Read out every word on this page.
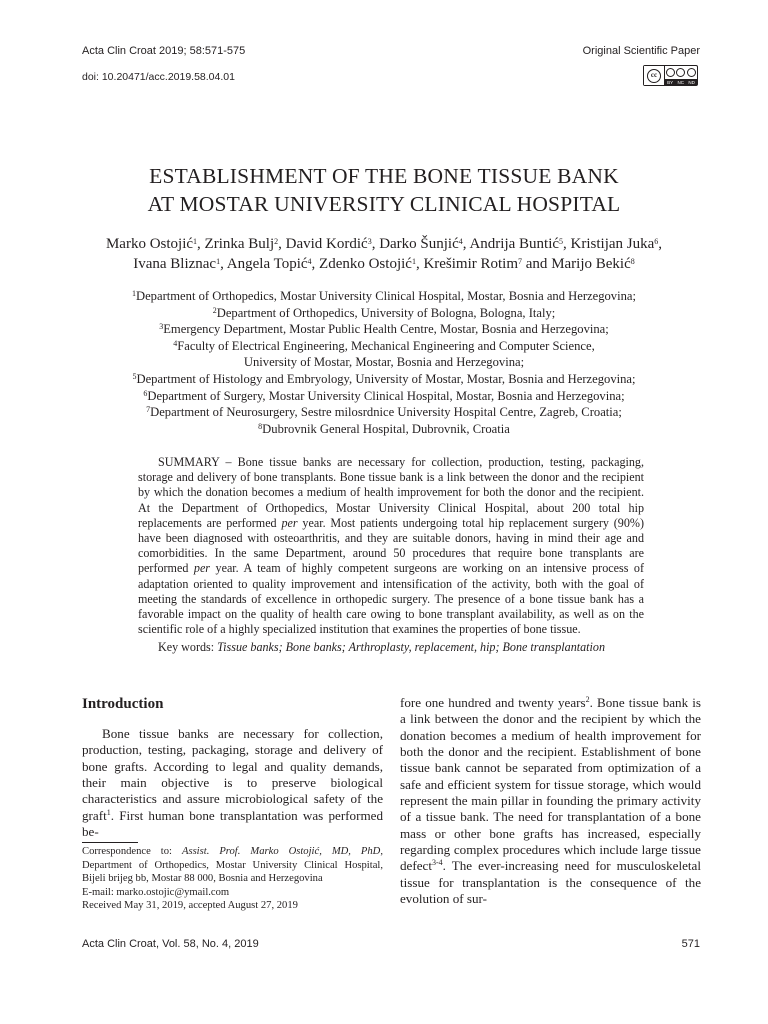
Acta Clin Croat 2019; 58:571-575
doi: 10.20471/acc.2019.58.04.01
Original Scientific Paper
cc
BY NC ND
ESTABLISHMENT OF THE BONE TISSUE BANK
AT MOSTAR UNIVERSITY CLINICAL HOSPITAL
Marko Ostojić$^1$, Zrinka Bulj$^2$, David Kordić$^3$, Darko Šunjić$^4$, Andrija Buntić$^5$, Kristijan Juka$^6$,
Ivana Bliznac$^1$, Angela Topić$^4$, Zdenko Ostojić$^1$, Krešimir Rotim$^7$ and Marijo Bekić$^8$
$^1$Department of Orthopedics, Mostar University Clinical Hospital, Mostar, Bosnia and Herzegovina;
$^2$Department of Orthopedics, University of Bologna, Bologna, Italy;
$^3$Emergency Department, Mostar Public Health Centre, Mostar, Bosnia and Herzegovina;
$^4$Faculty of Electrical Engineering, Mechanical Engineering and Computer Science,
University of Mostar, Mostar, Bosnia and Herzegovina;
$^5$Department of Histology and Embryology, University of Mostar, Mostar, Bosnia and Herzegovina;
$^6$Department of Surgery, Mostar University Clinical Hospital, Mostar, Bosnia and Herzegovina;
$^7$Department of Neurosurgery, Sestre milosrdnice University Hospital Centre, Zagreb, Croatia;
$^8$Dubrovnik General Hospital, Dubrovnik, Croatia
SUMMARY – Bone tissue banks are necessary for collection, production, testing, packaging, storage and delivery of bone transplants. Bone tissue bank is a link between the donor and the recipient by which the donation becomes a medium of health improvement for both the donor and the recipient. At the Department of Orthopedics, Mostar University Clinical Hospital, about 200 total hip replacements are performed per year. Most patients undergoing total hip replacement surgery (90%) have been diagnosed with osteoarthritis, and they are suitable donors, having in mind their age and comorbidities. In the same Department, around 50 procedures that require bone transplants are performed per year. A team of highly competent surgeons are working on an intensive process of adaptation oriented to quality improvement and intensification of the activity, both with the goal of meeting the standards of excellence in orthopedic surgery. The presence of a bone tissue bank has a favorable impact on the quality of health care owing to bone transplant availability, as well as on the scientific role of a highly specialized institution that examines the properties of bone tissue.
Key words: Tissue banks; Bone banks; Arthroplasty, replacement, hip; Bone transplantation
Introduction
Bone tissue banks are necessary for collection, production, testing, packaging, storage and delivery of bone grafts. According to legal and quality demands, their main objective is to preserve biological characteristics and assure microbiological safety of the graft$^1$. First human bone transplantation was performed be-
fore one hundred and twenty years$^2$. Bone tissue bank is a link between the donor and the recipient by which the donation becomes a medium of health improvement for both the donor and the recipient. Establishment of bone tissue bank cannot be separated from optimization of a safe and efficient system for tissue storage, which would represent the main pillar in founding the primary activity of a tissue bank. The need for transplantation of a bone mass or other bone grafts has increased, especially regarding complex procedures which include large tissue defect$^{3-4}$. The ever-increasing need for musculoskeletal tissue for transplantation is the consequence of the evolution of sur-

Correspondence to: Assist. Prof. Marko Ostojić, MD, PhD, Department of Orthopedics, Mostar University Clinical Hospital, Bijeli brijeg bb, Mostar 88 000, Bosnia and Herzegovina

E-mail: marko.ostojic@ymail.com

Received May 31, 2019, accepted August 27, 2019

Acta Clin Croat, Vol. 58, No. 4, 2019	571
